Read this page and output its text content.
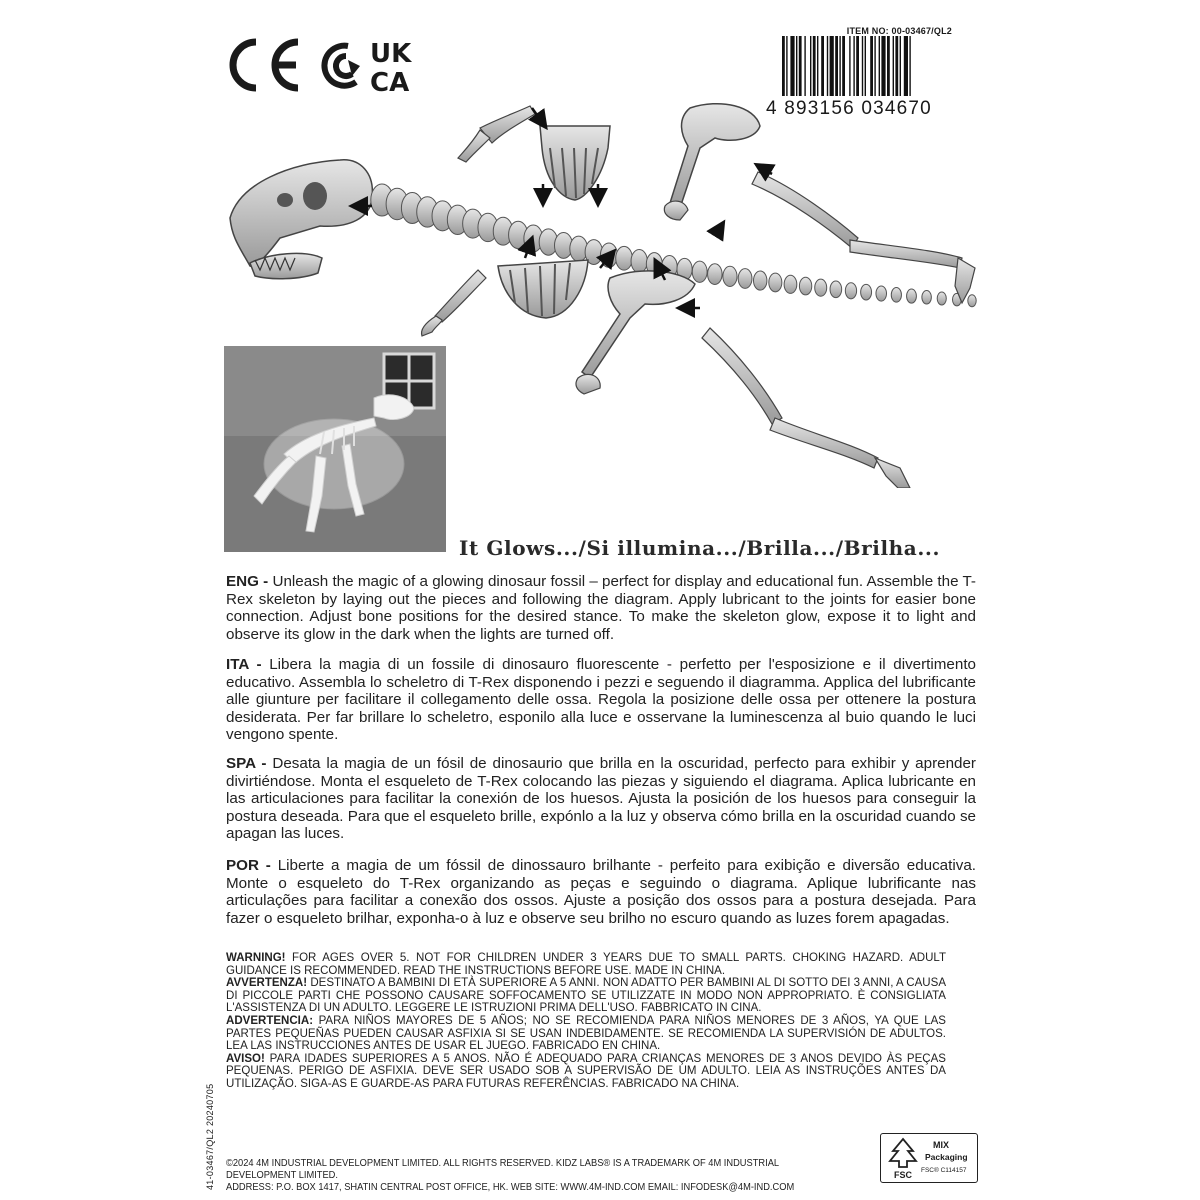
UK
CA
ITEM NO: 00-03467/QL2
4 893156 034670
It Glows.../Si illumina.../Brilla.../Brilha...
ENG - Unleash the magic of a glowing dinosaur fossil – perfect for display and educational fun. Assemble the T-Rex skeleton by laying out the pieces and following the diagram. Apply lubricant to the joints for easier bone connection. Adjust bone positions for the desired stance. To make the skeleton glow, expose it to light and observe its glow in the dark when the lights are turned off.
ITA - Libera la magia di un fossile di dinosauro fluorescente - perfetto per l'esposizione e il divertimento educativo. Assembla lo scheletro di T-Rex disponendo i pezzi e seguendo il diagramma. Applica del lubrificante alle giunture per facilitare il collegamento delle ossa. Regola la posizione delle ossa per ottenere la postura desiderata. Per far brillare lo scheletro, esponilo alla luce e osservane la luminescenza al buio quando le luci vengono spente.
SPA - Desata la magia de un fósil de dinosaurio que brilla en la oscuridad, perfecto para exhibir y aprender divirtiéndose. Monta el esqueleto de T-Rex colocando las piezas y siguiendo el diagrama. Aplica lubricante en las articulaciones para facilitar la conexión de los huesos. Ajusta la posición de los huesos para conseguir la postura deseada. Para que el esqueleto brille, expónlo a la luz y observa cómo brilla en la oscuridad cuando se apagan las luces.
POR - Liberte a magia de um fóssil de dinossauro brilhante - perfeito para exibição e diversão educativa. Monte o esqueleto do T-Rex organizando as peças e seguindo o diagrama. Aplique lubrificante nas articulações para facilitar a conexão dos ossos. Ajuste a posição dos ossos para a postura desejada. Para fazer o esqueleto brilhar, exponha-o à luz e observe seu brilho no escuro quando as luzes forem apagadas.

WARNING! FOR AGES OVER 5. NOT FOR CHILDREN UNDER 3 YEARS DUE TO SMALL PARTS. CHOKING HAZARD. ADULT GUIDANCE IS RECOMMENDED. READ THE INSTRUCTIONS BEFORE USE. MADE IN CHINA.

AVVERTENZA! DESTINATO A BAMBINI DI ETÀ SUPERIORE A 5 ANNI. NON ADATTO PER BAMBINI AL DI SOTTO DEI 3 ANNI, A CAUSA DI PICCOLE PARTI CHE POSSONO CAUSARE SOFFOCAMENTO SE UTILIZZATE IN MODO NON APPROPRIATO. È CONSIGLIATA L'ASSISTENZA DI UN ADULTO. LEGGERE LE ISTRUZIONI PRIMA DELL'USO. FABBRICATO IN CINA.

ADVERTENCIA: PARA NIÑOS MAYORES DE 5 AÑOS; NO SE RECOMIENDA PARA NIÑOS MENORES DE 3 AÑOS, YA QUE LAS PARTES PEQUEÑAS PUEDEN CAUSAR ASFIXIA SI SE USAN INDEBIDAMENTE. SE RECOMIENDA LA SUPERVISIÓN DE ADULTOS. LEA LAS INSTRUCCIONES ANTES DE USAR EL JUEGO. FABRICADO EN CHINA.

AVISO! PARA IDADES SUPERIORES A 5 ANOS. NÃO É ADEQUADO PARA CRIANÇAS MENORES DE 3 ANOS DEVIDO ÀS PEÇAS PEQUENAS. PERIGO DE ASFIXIA. DEVE SER USADO SOB A SUPERVISÃO DE UM ADULTO. LEIA AS INSTRUÇÕES ANTES DA UTILIZAÇÃO. SIGA-AS E GUARDE-AS PARA FUTURAS REFERÊNCIAS. FABRICADO NA CHINA.

41-03467/QL2 20240705 ©2024 4M INDUSTRIAL DEVELOPMENT LIMITED. ALL RIGHTS RESERVED. KIDZ LABS® IS A TRADEMARK OF 4M INDUSTRIAL DEVELOPMENT LIMITED.
ADDRESS: P.O. BOX 1417, SHATIN CENTRAL POST OFFICE, HK. WEB SITE: WWW.4M-IND.COM EMAIL: INFODESK@4M-IND.COM
FSC
MIX
Packaging
FSC® C114157
